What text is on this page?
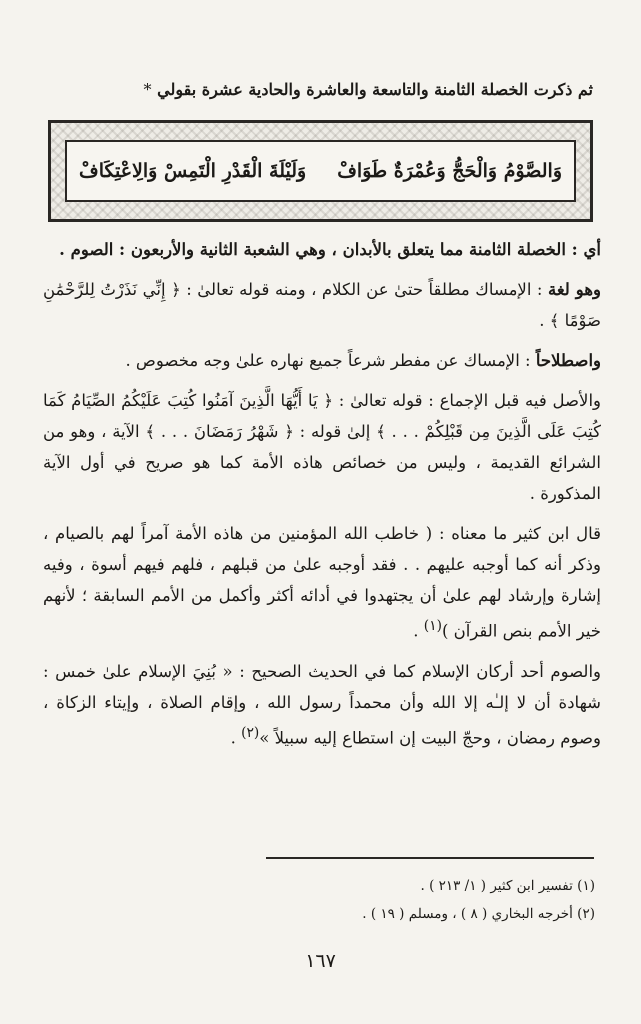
ثم ذكرت الخصلة الثامنة والتاسعة والعاشرة والحادية عشرة بقولي *
وَالصَّوْمُ وَالْحَجُّ وَعُمْرَةٌ طَوَافْ
وَلَيْلَةَ الْقَدْرِ الْتَمِسْ وَالِاعْتِكَافْ

أي : الخصلة الثامنة مما يتعلق بالأبدان ، وهي الشعبة الثانية والأربعون : الصوم .

وهو لغة : الإمساك مطلقاً حتىٰ عن الكلام ، ومنه قوله تعالىٰ : ﴿ إِنِّي نَذَرْتُ لِلرَّحْمَٰنِ صَوْمًا ﴾ .

واصطلاحاً : الإمساك عن مفطر شرعاً جميع نهاره علىٰ وجه مخصوص .

والأصل فيه قبل الإجماع : قوله تعالىٰ : ﴿ يَا أَيُّهَا الَّذِينَ آمَنُوا كُتِبَ عَلَيْكُمُ الصِّيَامُ كَمَا كُتِبَ عَلَى الَّذِينَ مِن قَبْلِكُمْ . . . ﴾ إلىٰ قوله : ﴿ شَهْرُ رَمَضَانَ . . . ﴾ الآية ، وهو من الشرائع القديمة ، وليس من خصائص هاذه الأمة كما هو صريح في أول الآية المذكورة .

قال ابن كثير ما معناه : ( خاطب الله المؤمنين من هاذه الأمة آمراً لهم بالصيام ، وذكر أنه كما أوجبه عليهم . . فقد أوجبه علىٰ من قبلهم ، فلهم فيهم أسوة ، وفيه إشارة وإرشاد لهم علىٰ أن يجتهدوا في أدائه أكثر وأكمل من الأمم السابقة ؛ لأنهم خير الأمم بنص القرآن )$^{(١)}$ .

والصوم أحد أركان الإسلام كما في الحديث الصحيح : « بُنِيَ الإسلام علىٰ خمس : شهادة أن لا إلـٰه إلا الله وأن محمداً رسول الله ، وإقام الصلاة ، وإيتاء الزكاة ، وصوم رمضان ، وحجّ البيت إن استطاع إليه سبيلاً »$^{(٢)}$ .

(١) تفسير ابن كثير ( ١/ ٢١٣ ) .
(٢) أخرجه البخاري ( ٨ ) ، ومسلم ( ١٩ ) .
١٦٧
